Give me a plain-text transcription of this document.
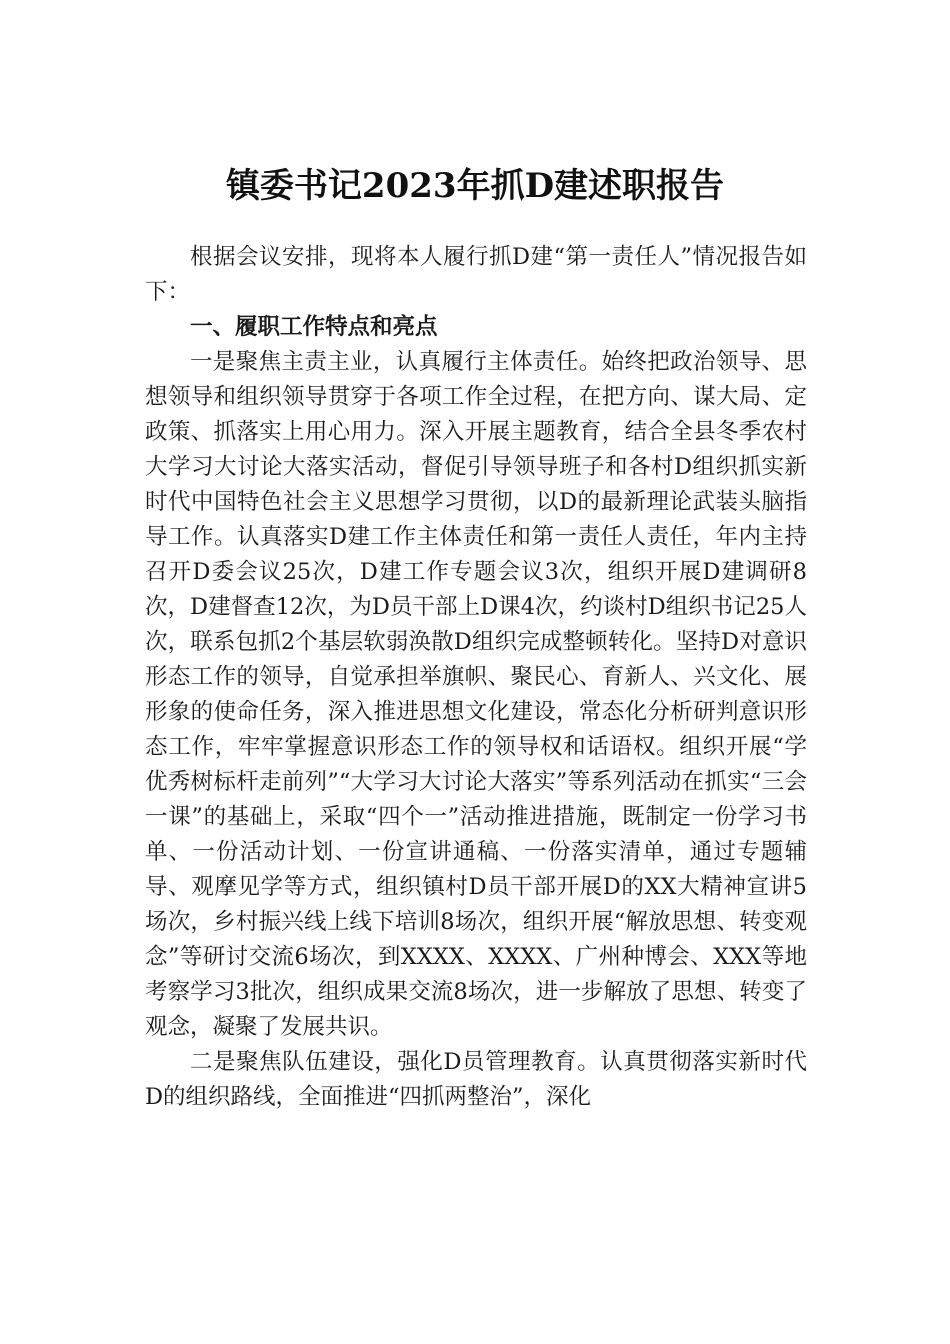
镇委书记2023年抓D建述职报告

根据会议安排，现将本人履行抓D建“第一责任人”情况报告如下：

一、履职工作特点和亮点

一是聚焦主责主业，认真履行主体责任。始终把政治领导、思想领导和组织领导贯穿于各项工作全过程，在把方向、谋大局、定政策、抓落实上用心用力。深入开展主题教育，结合全县冬季农村大学习大讨论大落实活动，督促引导领导班子和各村D组织抓实新时代中国特色社会主义思想学习贯彻，以D的最新理论武装头脑指导工作。认真落实D建工作主体责任和第一责任人责任，年内主持召开D委会议25次，D建工作专题会议3次，组织开展D建调研8次，D建督查12次，为D员干部上D课4次，约谈村D组织书记25人次，联系包抓2个基层软弱涣散D组织完成整顿转化。坚持D对意识形态工作的领导，自觉承担举旗帜、聚民心、育新人、兴文化、展形象的使命任务，深入推进思想文化建设，常态化分析研判意识形态工作，牢牢掌握意识形态工作的领导权和话语权。组织开展“学优秀树标杆走前列”“大学习大讨论大落实”等系列活动在抓实“三会一课”的基础上，采取“四个一”活动推进措施，既制定一份学习书单、一份活动计划、一份宣讲通稿、一份落实清单，通过专题辅导、观摩见学等方式，组织镇村D员干部开展D的XX大精神宣讲5场次，乡村振兴线上线下培训8场次，组织开展“解放思想、转变观念”等研讨交流6场次，到XXXX、XXXX、广州种博会、XXX等地考察学习3批次，组织成果交流8场次，进一步解放了思想、转变了观念，凝聚了发展共识。

二是聚焦队伍建设，强化D员管理教育。认真贯彻落实新时代D的组织路线，全面推进“四抓两整治”，深化
